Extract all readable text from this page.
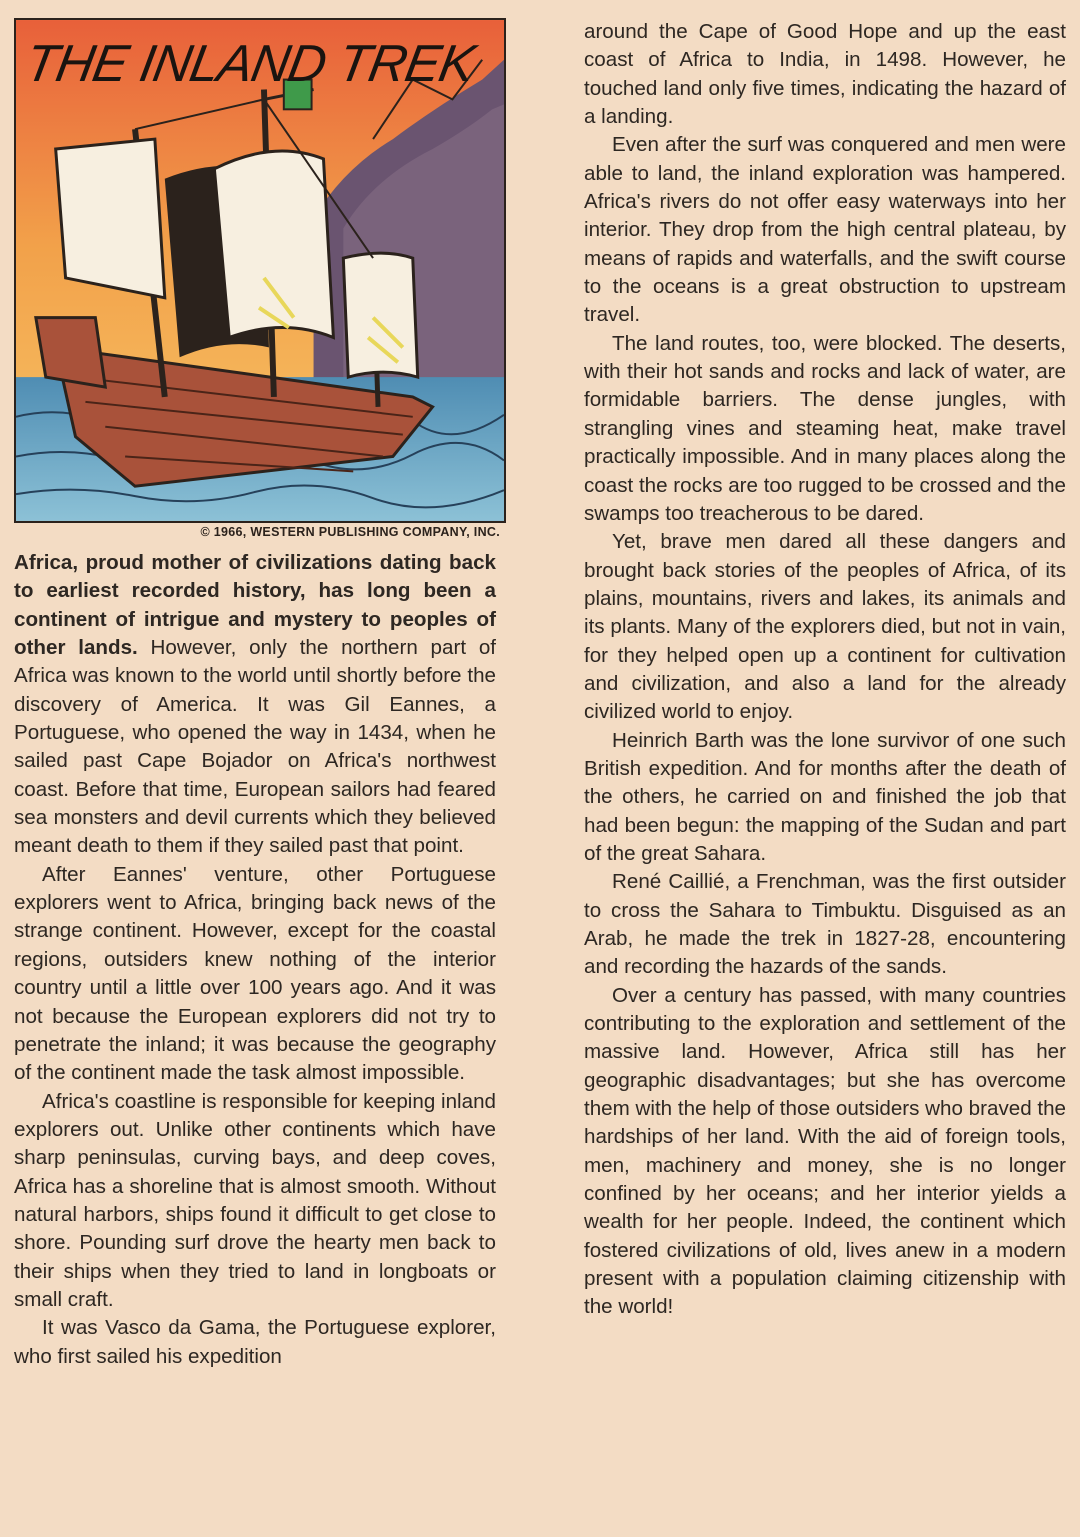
THE INLAND TREK
© 1966, WESTERN PUBLISHING COMPANY, INC.

Africa, proud mother of civilizations dating back to earliest recorded history, has long been a continent of intrigue and mystery to peoples of other lands. However, only the northern part of Africa was known to the world until shortly before the discovery of America. It was Gil Eannes, a Portuguese, who opened the way in 1434, when he sailed past Cape Bojador on Africa's northwest coast. Before that time, European sailors had feared sea monsters and devil currents which they believed meant death to them if they sailed past that point.

After Eannes' venture, other Portuguese explorers went to Africa, bringing back news of the strange continent. However, except for the coastal regions, outsiders knew nothing of the interior country until a little over 100 years ago. And it was not because the European explorers did not try to penetrate the inland; it was because the geography of the continent made the task almost impossible.

Africa's coastline is responsible for keeping inland explorers out. Unlike other continents which have sharp peninsulas, curving bays, and deep coves, Africa has a shoreline that is almost smooth. Without natural harbors, ships found it difficult to get close to shore. Pounding surf drove the hearty men back to their ships when they tried to land in longboats or small craft.

It was Vasco da Gama, the Portuguese explorer, who first sailed his expedition

around the Cape of Good Hope and up the east coast of Africa to India, in 1498. However, he touched land only five times, indicating the hazard of a landing.

Even after the surf was conquered and men were able to land, the inland exploration was hampered. Africa's rivers do not offer easy waterways into her interior. They drop from the high central plateau, by means of rapids and waterfalls, and the swift course to the oceans is a great obstruction to upstream travel.

The land routes, too, were blocked. The deserts, with their hot sands and rocks and lack of water, are formidable barriers. The dense jungles, with strangling vines and steaming heat, make travel practically impossible. And in many places along the coast the rocks are too rugged to be crossed and the swamps too treacherous to be dared.

Yet, brave men dared all these dangers and brought back stories of the peoples of Africa, of its plains, mountains, rivers and lakes, its animals and its plants. Many of the explorers died, but not in vain, for they helped open up a continent for cultivation and civilization, and also a land for the already civilized world to enjoy.

Heinrich Barth was the lone survivor of one such British expedition. And for months after the death of the others, he carried on and finished the job that had been begun: the mapping of the Sudan and part of the great Sahara.

René Caillié, a Frenchman, was the first outsider to cross the Sahara to Timbuktu. Disguised as an Arab, he made the trek in 1827-28, encountering and recording the hazards of the sands.

Over a century has passed, with many countries contributing to the exploration and settlement of the massive land. However, Africa still has her geographic disadvantages; but she has overcome them with the help of those outsiders who braved the hardships of her land. With the aid of foreign tools, men, machinery and money, she is no longer confined by her oceans; and her interior yields a wealth for her people. Indeed, the continent which fostered civilizations of old, lives anew in a modern present with a population claiming citizenship with the world!
